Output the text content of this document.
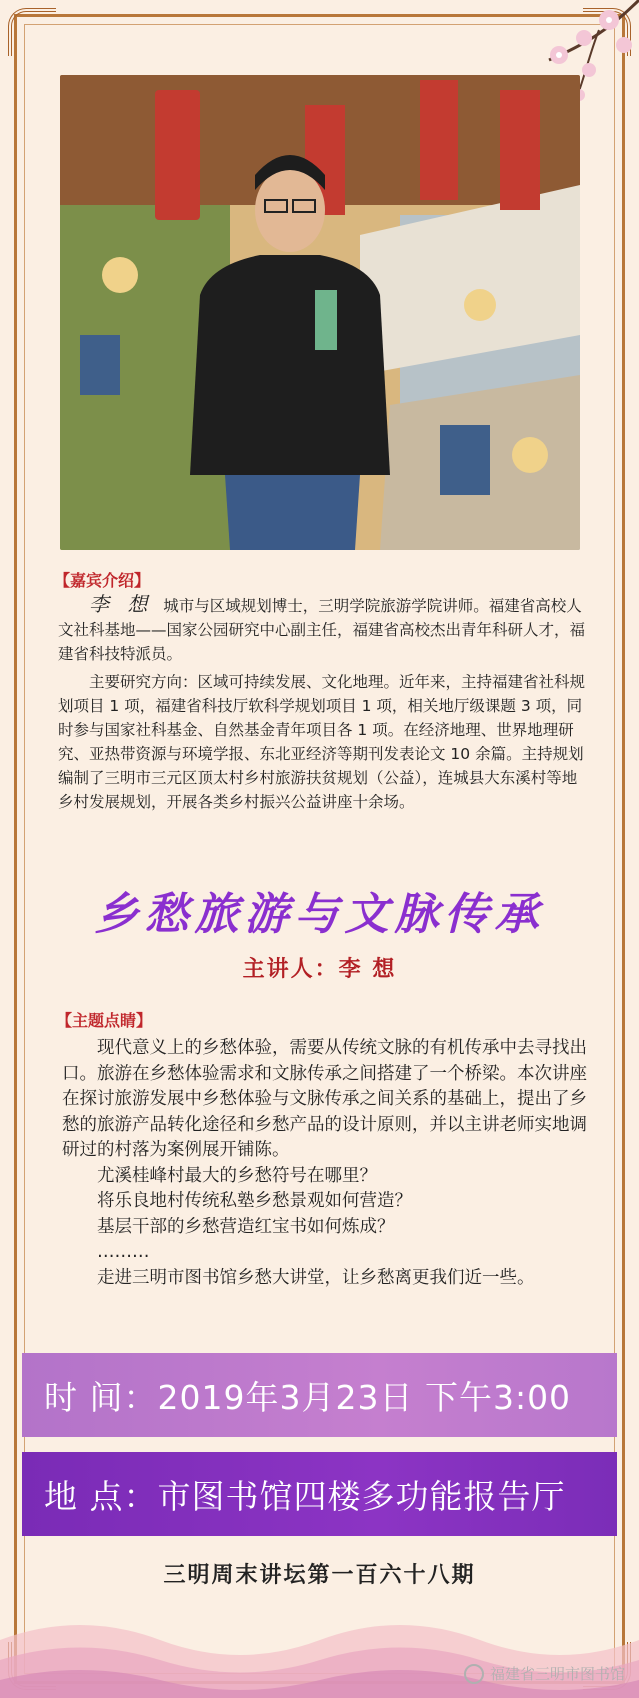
【嘉宾介绍】

李 想 城市与区域规划博士，三明学院旅游学院讲师。福建省高校人文社科基地——国家公园研究中心副主任，福建省高校杰出青年科研人才，福建省科技特派员。

主要研究方向：区域可持续发展、文化地理。近年来，主持福建省社科规划项目 1 项，福建省科技厅软科学规划项目 1 项，相关地厅级课题 3 项，同时参与国家社科基金、自然基金青年项目各 1 项。在经济地理、世界地理研究、亚热带资源与环境学报、东北亚经济等期刊发表论文 10 余篇。主持规划编制了三明市三元区顶太村乡村旅游扶贫规划（公益），连城县大东溪村等地乡村发展规划，开展各类乡村振兴公益讲座十余场。

乡愁旅游与文脉传承
主讲人：李 想
【主题点睛】

现代意义上的乡愁体验，需要从传统文脉的有机传承中去寻找出口。旅游在乡愁体验需求和文脉传承之间搭建了一个桥梁。本次讲座在探讨旅游发展中乡愁体验与文脉传承之间关系的基础上，提出了乡愁的旅游产品转化途径和乡愁产品的设计原则，并以主讲老师实地调研过的村落为案例展开铺陈。

尤溪桂峰村最大的乡愁符号在哪里？
将乐良地村传统私塾乡愁景观如何营造？
基层干部的乡愁营造红宝书如何炼成？
………

走进三明市图书馆乡愁大讲堂，让乡愁离更我们近一些。

时 间：2019年3月23日 下午3:00
地 点：市图书馆四楼多功能报告厅
三明周末讲坛第一百六十八期
福建省三明市图书馆
